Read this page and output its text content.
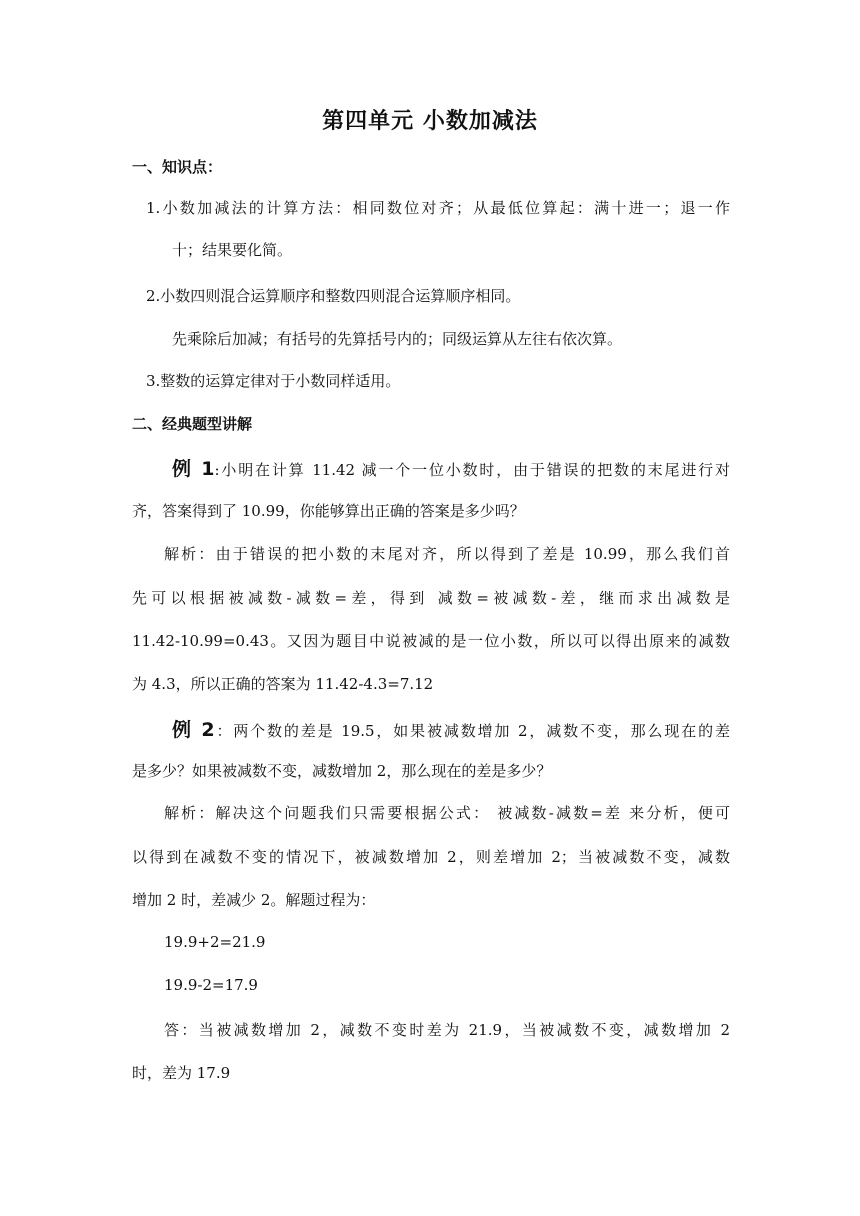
第四单元 小数加减法
一、知识点：
1.小数加减法的计算方法：相同数位对齐；从最低位算起：满十进一；退一作
十；结果要化简。
2.小数四则混合运算顺序和整数四则混合运算顺序相同。
先乘除后加减；有括号的先算括号内的；同级运算从左往右依次算。
3.整数的运算定律对于小数同样适用。
二、经典题型讲解
例 1:小明在计算 11.42 减一个一位小数时，由于错误的把数的末尾进行对
齐，答案得到了 10.99，你能够算出正确的答案是多少吗？
解析：由于错误的把小数的末尾对齐，所以得到了差是 10.99，那么我们首
先可以根据被减数-减数=差，得到 减数=被减数-差，继而求出减数是
11.42-10.99=0.43。又因为题目中说被减的是一位小数，所以可以得出原来的减数
为 4.3，所以正确的答案为 11.42-4.3=7.12
例 2：两个数的差是 19.5，如果被减数增加 2，减数不变，那么现在的差
是多少？如果被减数不变，减数增加 2，那么现在的差是多少？
解析：解决这个问题我们只需要根据公式： 被减数-减数=差 来分析，便可
以得到在减数不变的情况下，被减数增加 2，则差增加 2；当被减数不变，减数
增加 2 时，差减少 2。解题过程为：
19.9+2=21.9
19.9-2=17.9
答：当被减数增加 2，减数不变时差为 21.9，当被减数不变，减数增加 2
时，差为 17.9
